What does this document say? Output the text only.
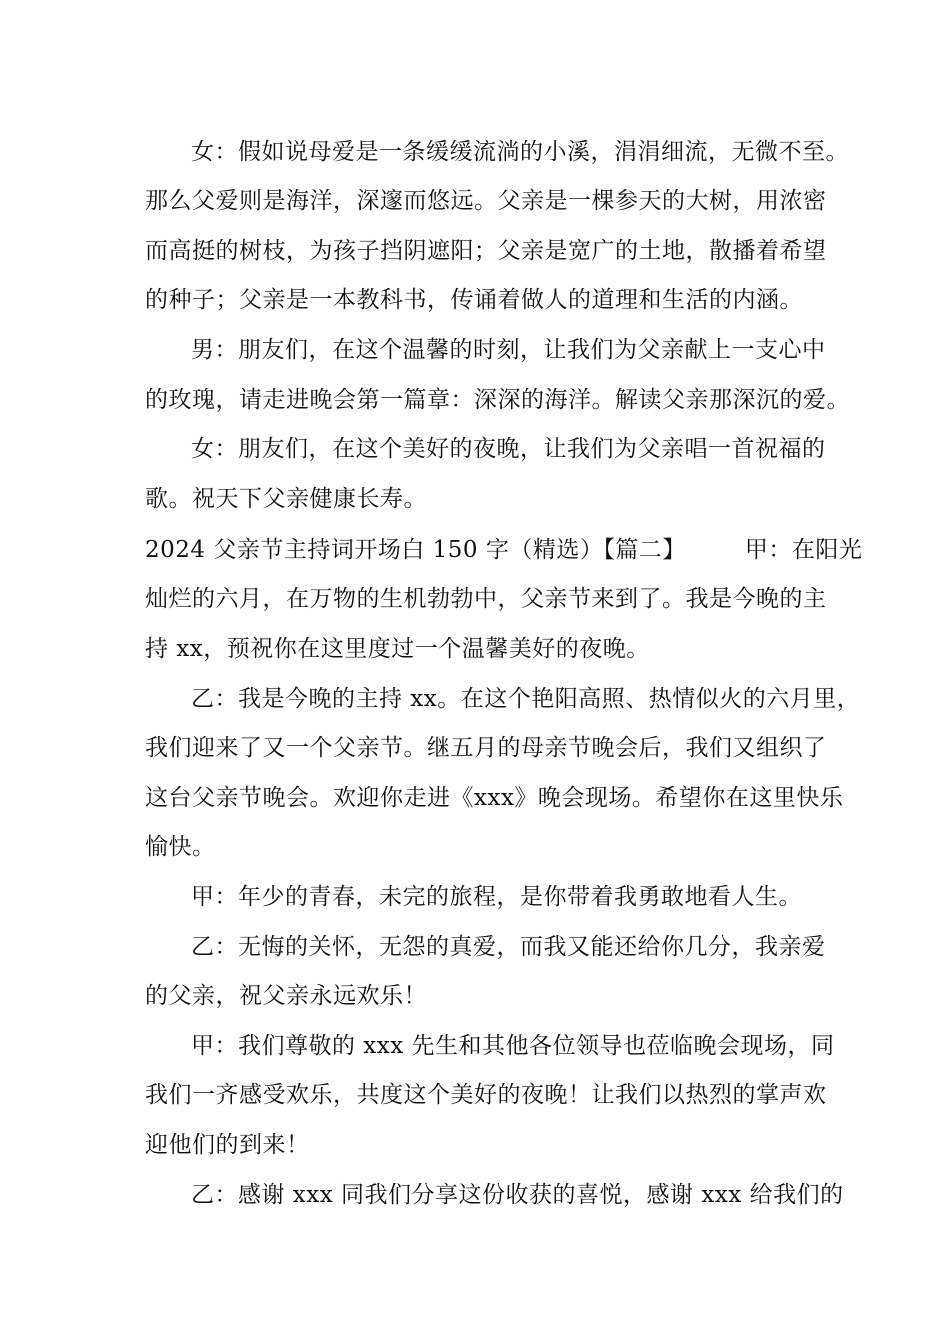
女：假如说母爱是一条缓缓流淌的小溪，涓涓细流，无微不至。
那么父爱则是海洋，深邃而悠远。父亲是一棵参天的大树，用浓密
而高挺的树枝，为孩子挡阴遮阳；父亲是宽广的土地，散播着希望
的种子；父亲是一本教科书，传诵着做人的道理和生活的内涵。
男：朋友们，在这个温馨的时刻，让我们为父亲献上一支心中
的玫瑰，请走进晚会第一篇章：深深的海洋。解读父亲那深沉的爱。
女：朋友们，在这个美好的夜晚，让我们为父亲唱一首祝福的
歌。祝天下父亲健康长寿。
2024 父亲节主持词开场白 150 字（精选）【篇二】　　　甲：在阳光
灿烂的六月，在万物的生机勃勃中，父亲节来到了。我是今晚的主
持 xx，预祝你在这里度过一个温馨美好的夜晚。
乙：我是今晚的主持 xx。在这个艳阳高照、热情似火的六月里，
我们迎来了又一个父亲节。继五月的母亲节晚会后，我们又组织了
这台父亲节晚会。欢迎你走进《xxx》晚会现场。希望你在这里快乐
愉快。
甲：年少的青春，未完的旅程，是你带着我勇敢地看人生。
乙：无悔的关怀，无怨的真爱，而我又能还给你几分，我亲爱
的父亲，祝父亲永远欢乐！
甲：我们尊敬的 xxx 先生和其他各位领导也莅临晚会现场，同
我们一齐感受欢乐，共度这个美好的夜晚！让我们以热烈的掌声欢
迎他们的到来！
乙：感谢 xxx 同我们分享这份收获的喜悦，感谢 xxx 给我们的
